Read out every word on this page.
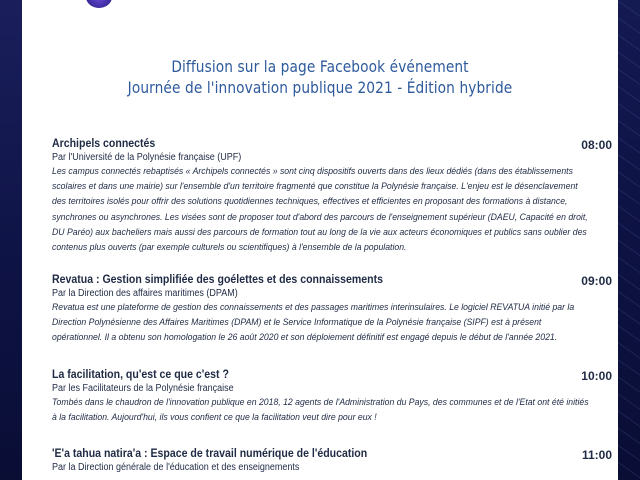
Diffusion sur la page Facebook événement
Journée de l'innovation publique 2021 - Édition hybride
Archipels connectés
Par l'Université de la Polynésie française (UPF)
Les campus connectés rebaptisés « Archipels connectés » sont cinq dispositifs ouverts dans des lieux dédiés (dans des établissements scolaires et dans une mairie) sur l'ensemble d'un territoire fragmenté que constitue la Polynésie française. L'enjeu est le désenclavement des territoires isolés pour offrir des solutions quotidiennes techniques, effectives et efficientes en proposant des formations à distance, synchrones ou asynchrones. Les visées sont de proposer tout d'abord des parcours de l'enseignement supérieur (DAEU, Capacité en droit, DU Paréo) aux bacheliers mais aussi des parcours de formation tout au long de la vie aux acteurs économiques et publics sans oublier des contenus plus ouverts (par exemple culturels ou scientifiques) à l'ensemble de la population.
08:00
Revatua : Gestion simplifiée des goélettes et des connaissements
Par la Direction des affaires maritimes (DPAM)
Revatua est une plateforme de gestion des connaissements et des passages maritimes interinsulaires. Le logiciel REVATUA initié par la Direction Polynésienne des Affaires Maritimes (DPAM) et le Service Informatique de la Polynésie française (SIPF) est à présent opérationnel. Il a obtenu son homologation le 26 août 2020 et son déploiement définitif est engagé depuis le début de l'année 2021.
09:00
La facilitation, qu'est ce que c'est ?
Par les Facilitateurs de la Polynésie française
Tombés dans le chaudron de l'innovation publique en 2018, 12 agents de l'Administration du Pays, des communes et de l'Etat ont été initiés à la facilitation. Aujourd'hui, ils vous confient ce que la facilitation veut dire pour eux !
10:00
'E'a tahua natira'a : Espace de travail numérique de l'éducation
Par la Direction générale de l'éducation et des enseignements
11:00
